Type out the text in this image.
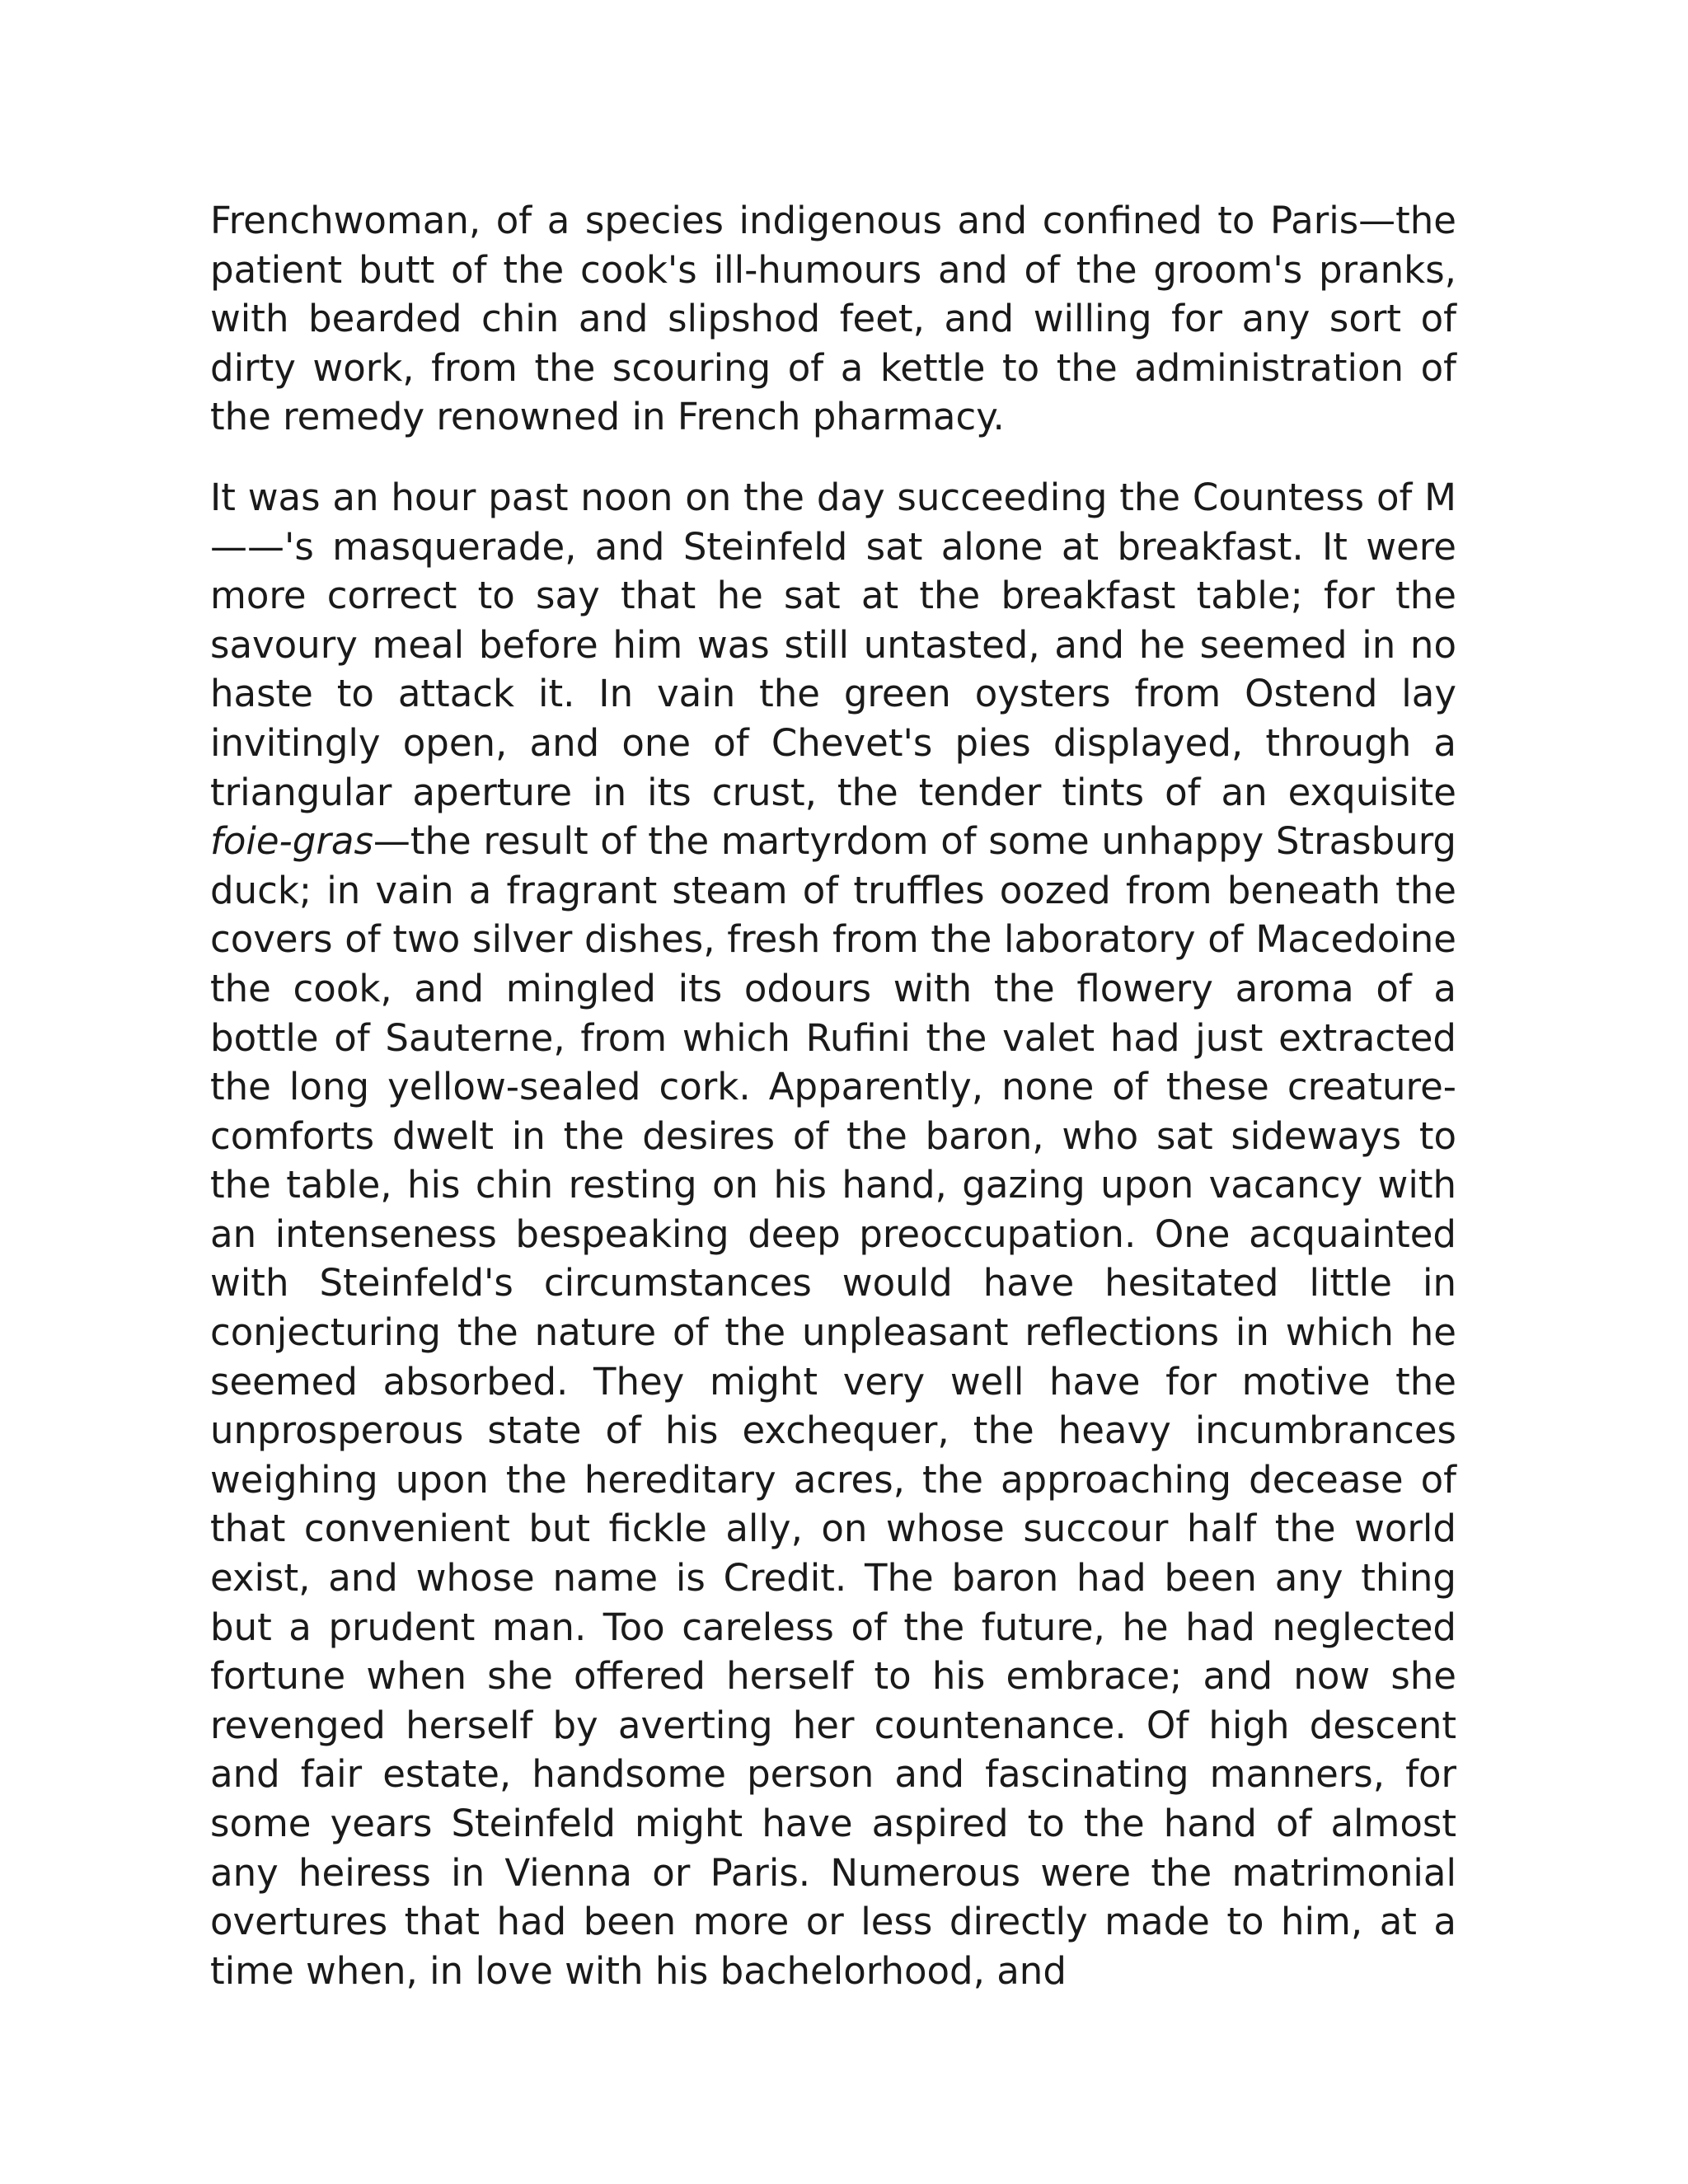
Frenchwoman, of a species indigenous and confined to Paris—the patient butt of the cook's ill-humours and of the groom's pranks, with bearded chin and slipshod feet, and willing for any sort of dirty work, from the scouring of a kettle to the administration of the remedy renowned in French pharmacy.

It was an hour past noon on the day succeeding the Countess of M——'s masquerade, and Steinfeld sat alone at breakfast. It were more correct to say that he sat at the breakfast table; for the savoury meal before him was still untasted, and he seemed in no haste to attack it. In vain the green oysters from Ostend lay invitingly open, and one of Chevet's pies displayed, through a triangular aperture in its crust, the tender tints of an exquisite foie-gras—the result of the martyrdom of some unhappy Strasburg duck; in vain a fragrant steam of truffles oozed from beneath the covers of two silver dishes, fresh from the laboratory of Macedoine the cook, and mingled its odours with the flowery aroma of a bottle of Sauterne, from which Rufini the valet had just extracted the long yellow-sealed cork. Apparently, none of these creature-comforts dwelt in the desires of the baron, who sat sideways to the table, his chin resting on his hand, gazing upon vacancy with an intenseness bespeaking deep preoccupation. One acquainted with Steinfeld's circumstances would have hesitated little in conjecturing the nature of the unpleasant reflections in which he seemed absorbed. They might very well have for motive the unprosperous state of his exchequer, the heavy incumbrances weighing upon the hereditary acres, the approaching decease of that convenient but fickle ally, on whose succour half the world exist, and whose name is Credit. The baron had been any thing but a prudent man. Too careless of the future, he had neglected fortune when she offered herself to his embrace; and now she revenged herself by averting her countenance. Of high descent and fair estate, handsome person and fascinating manners, for some years Steinfeld might have aspired to the hand of almost any heiress in Vienna or Paris. Numerous were the matrimonial overtures that had been more or less directly made to him, at a time when, in love with his bachelorhood, and
